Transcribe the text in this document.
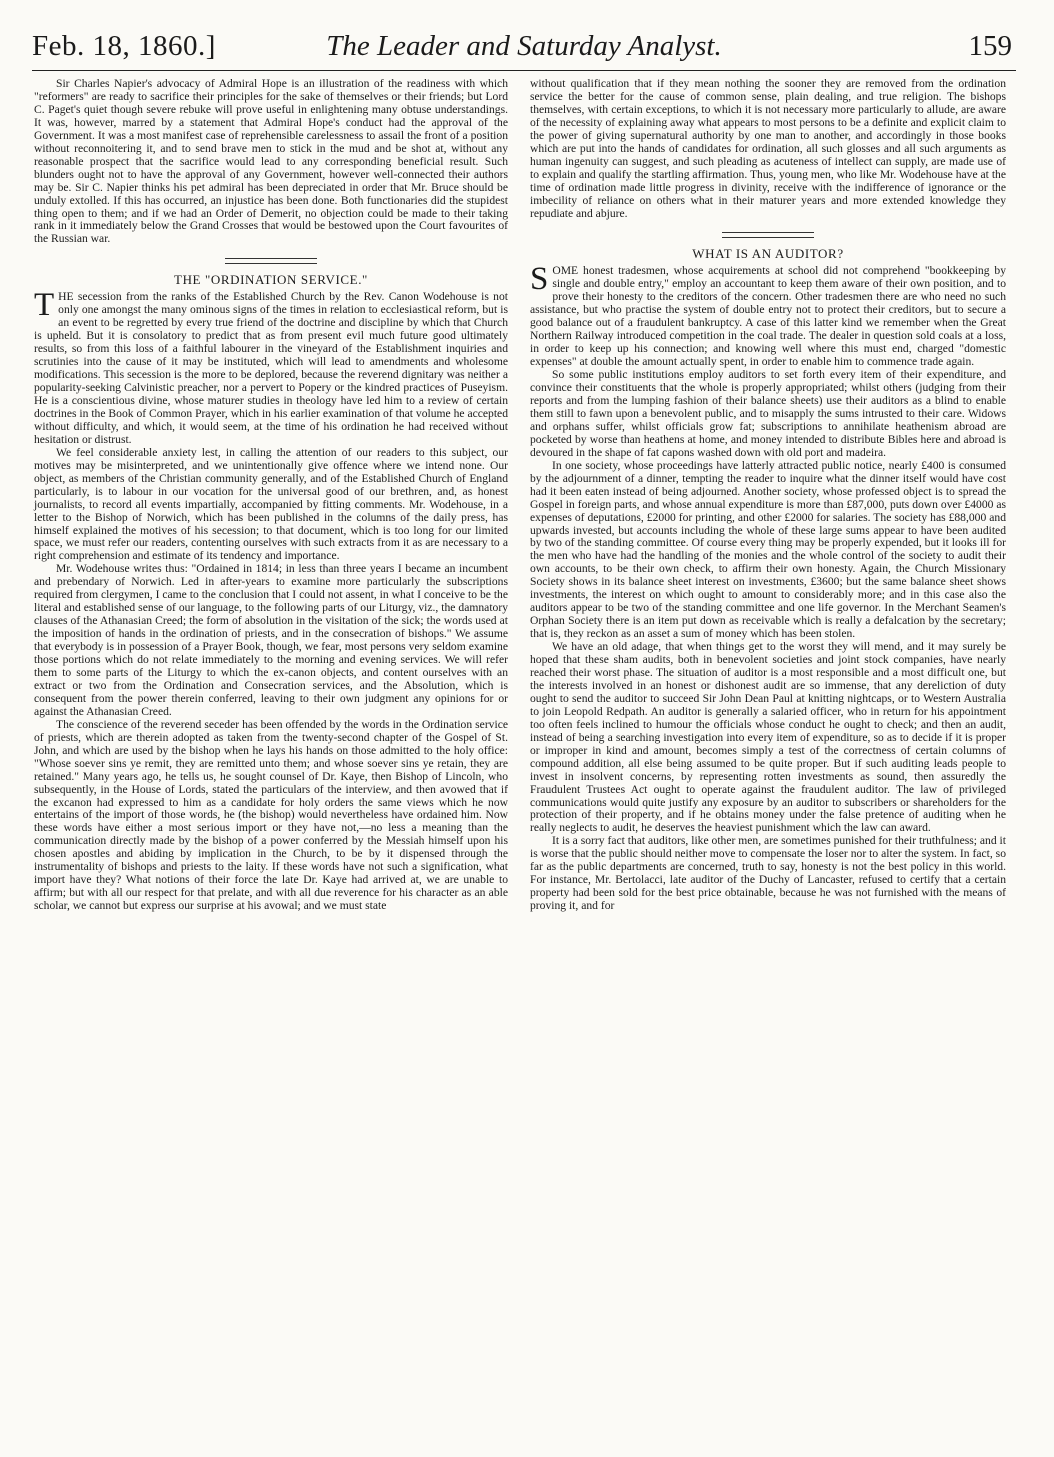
Feb. 18, 1860.]	The Leader and Saturday Analyst.	159

Sir Charles Napier's advocacy of Admiral Hope is an illustration of the readiness with which "reformers" are ready to sacrifice their principles for the sake of themselves or their friends; but Lord C. Paget's quiet though severe rebuke will prove useful in enlightening many obtuse understandings. It was, however, marred by a statement that Admiral Hope's conduct had the approval of the Government. It was a most manifest case of reprehensible carelessness to assail the front of a position without reconnoitering it, and to send brave men to stick in the mud and be shot at, without any reasonable prospect that the sacrifice would lead to any corresponding beneficial result. Such blunders ought not to have the approval of any Government, however well-connected their authors may be. Sir C. Napier thinks his pet admiral has been depreciated in order that Mr. Bruce should be unduly extolled. If this has occurred, an injustice has been done. Both functionaries did the stupidest thing open to them; and if we had an Order of Demerit, no objection could be made to their taking rank in it immediately below the Grand Crosses that would be bestowed upon the Court favourites of the Russian war.

THE "ORDINATION SERVICE."

THE secession from the ranks of the Established Church by the Rev. Canon Wodehouse is not only one amongst the many ominous signs of the times in relation to ecclesiastical reform, but is an event to be regretted by every true friend of the doctrine and discipline by which that Church is upheld. But it is consolatory to predict that as from present evil much future good ultimately results, so from this loss of a faithful labourer in the vineyard of the Establishment inquiries and scrutinies into the cause of it may be instituted, which will lead to amendments and wholesome modifications. This secession is the more to be deplored, because the reverend dignitary was neither a popularity-seeking Calvinistic preacher, nor a pervert to Popery or the kindred practices of Puseyism. He is a conscientious divine, whose maturer studies in theology have led him to a review of certain doctrines in the Book of Common Prayer, which in his earlier examination of that volume he accepted without difficulty, and which, it would seem, at the time of his ordination he had received without hesitation or distrust.

We feel considerable anxiety lest, in calling the attention of our readers to this subject, our motives may be misinterpreted, and we unintentionally give offence where we intend none. Our object, as members of the Christian community generally, and of the Established Church of England particularly, is to labour in our vocation for the universal good of our brethren, and, as honest journalists, to record all events impartially, accompanied by fitting comments. Mr. Wodehouse, in a letter to the Bishop of Norwich, which has been published in the columns of the daily press, has himself explained the motives of his secession; to that document, which is too long for our limited space, we must refer our readers, contenting ourselves with such extracts from it as are necessary to a right comprehension and estimate of its tendency and importance.

Mr. Wodehouse writes thus: "Ordained in 1814; in less than three years I became an incumbent and prebendary of Norwich. Led in after-years to examine more particularly the subscriptions required from clergymen, I came to the conclusion that I could not assent, in what I conceive to be the literal and established sense of our language, to the following parts of our Liturgy, viz., the damnatory clauses of the Athanasian Creed; the form of absolution in the visitation of the sick; the words used at the imposition of hands in the ordination of priests, and in the consecration of bishops." We assume that everybody is in possession of a Prayer Book, though, we fear, most persons very seldom examine those portions which do not relate immediately to the morning and evening services. We will refer them to some parts of the Liturgy to which the ex-canon objects, and content ourselves with an extract or two from the Ordination and Consecration services, and the Absolution, which is consequent from the power therein conferred, leaving to their own judgment any opinions for or against the Athanasian Creed.

The conscience of the reverend seceder has been offended by the words in the Ordination service of priests, which are therein adopted as taken from the twenty-second chapter of the Gospel of St. John, and which are used by the bishop when he lays his hands on those admitted to the holy office: "Whose soever sins ye remit, they are remitted unto them; and whose soever sins ye retain, they are retained." Many years ago, he tells us, he sought counsel of Dr. Kaye, then Bishop of Lincoln, who subsequently, in the House of Lords, stated the particulars of the interview, and then avowed that if the excanon had expressed to him as a candidate for holy orders the same views which he now entertains of the import of those words, he (the bishop) would nevertheless have ordained him. Now these words have either a most serious import or they have not,—no less a meaning than the communication directly made by the bishop of a power conferred by the Messiah himself upon his chosen apostles and abiding by implication in the Church, to be by it dispensed through the instrumentality of bishops and priests to the laity. If these words have not such a signification, what import have they? What notions of their force the late Dr. Kaye had arrived at, we are unable to affirm; but with all our respect for that prelate, and with all due reverence for his character as an able scholar, we cannot but express our surprise at his avowal; and we must state

without qualification that if they mean nothing the sooner they are removed from the ordination service the better for the cause of common sense, plain dealing, and true religion. The bishops themselves, with certain exceptions, to which it is not necessary more particularly to allude, are aware of the necessity of explaining away what appears to most persons to be a definite and explicit claim to the power of giving supernatural authority by one man to another, and accordingly in those books which are put into the hands of candidates for ordination, all such glosses and all such arguments as human ingenuity can suggest, and such pleading as acuteness of intellect can supply, are made use of to explain and qualify the startling affirmation. Thus, young men, who like Mr. Wodehouse have at the time of ordination made little progress in divinity, receive with the indifference of ignorance or the imbecility of reliance on others what in their maturer years and more extended knowledge they repudiate and abjure.

WHAT IS AN AUDITOR?

SOME honest tradesmen, whose acquirements at school did not comprehend "bookkeeping by single and double entry," employ an accountant to keep them aware of their own position, and to prove their honesty to the creditors of the concern. Other tradesmen there are who need no such assistance, but who practise the system of double entry not to protect their creditors, but to secure a good balance out of a fraudulent bankruptcy. A case of this latter kind we remember when the Great Northern Railway introduced competition in the coal trade. The dealer in question sold coals at a loss, in order to keep up his connection; and knowing well where this must end, charged "domestic expenses" at double the amount actually spent, in order to enable him to commence trade again.

So some public institutions employ auditors to set forth every item of their expenditure, and convince their constituents that the whole is properly appropriated; whilst others (judging from their reports and from the lumping fashion of their balance sheets) use their auditors as a blind to enable them still to fawn upon a benevolent public, and to misapply the sums intrusted to their care. Widows and orphans suffer, whilst officials grow fat; subscriptions to annihilate heathenism abroad are pocketed by worse than heathens at home, and money intended to distribute Bibles here and abroad is devoured in the shape of fat capons washed down with old port and madeira.

In one society, whose proceedings have latterly attracted public notice, nearly £400 is consumed by the adjournment of a dinner, tempting the reader to inquire what the dinner itself would have cost had it been eaten instead of being adjourned. Another society, whose professed object is to spread the Gospel in foreign parts, and whose annual expenditure is more than £87,000, puts down over £4000 as expenses of deputations, £2000 for printing, and other £2000 for salaries. The society has £88,000 and upwards invested, but accounts including the whole of these large sums appear to have been audited by two of the standing committee. Of course every thing may be properly expended, but it looks ill for the men who have had the handling of the monies and the whole control of the society to audit their own accounts, to be their own check, to affirm their own honesty. Again, the Church Missionary Society shows in its balance sheet interest on investments, £3600; but the same balance sheet shows investments, the interest on which ought to amount to considerably more; and in this case also the auditors appear to be two of the standing committee and one life governor. In the Merchant Seamen's Orphan Society there is an item put down as receivable which is really a defalcation by the secretary; that is, they reckon as an asset a sum of money which has been stolen.

We have an old adage, that when things get to the worst they will mend, and it may surely be hoped that these sham audits, both in benevolent societies and joint stock companies, have nearly reached their worst phase. The situation of auditor is a most responsible and a most difficult one, but the interests involved in an honest or dishonest audit are so immense, that any dereliction of duty ought to send the auditor to succeed Sir John Dean Paul at knitting nightcaps, or to Western Australia to join Leopold Redpath. An auditor is generally a salaried officer, who in return for his appointment too often feels inclined to humour the officials whose conduct he ought to check; and then an audit, instead of being a searching investigation into every item of expenditure, so as to decide if it is proper or improper in kind and amount, becomes simply a test of the correctness of certain columns of compound addition, all else being assumed to be quite proper. But if such auditing leads people to invest in insolvent concerns, by representing rotten investments as sound, then assuredly the Fraudulent Trustees Act ought to operate against the fraudulent auditor. The law of privileged communications would quite justify any exposure by an auditor to subscribers or shareholders for the protection of their property, and if he obtains money under the false pretence of auditing when he really neglects to audit, he deserves the heaviest punishment which the law can award.

It is a sorry fact that auditors, like other men, are sometimes punished for their truthfulness; and it is worse that the public should neither move to compensate the loser nor to alter the system. In fact, so far as the public departments are concerned, truth to say, honesty is not the best policy in this world. For instance, Mr. Bertolacci, late auditor of the Duchy of Lancaster, refused to certify that a certain property had been sold for the best price obtainable, because he was not furnished with the means of proving it, and for
